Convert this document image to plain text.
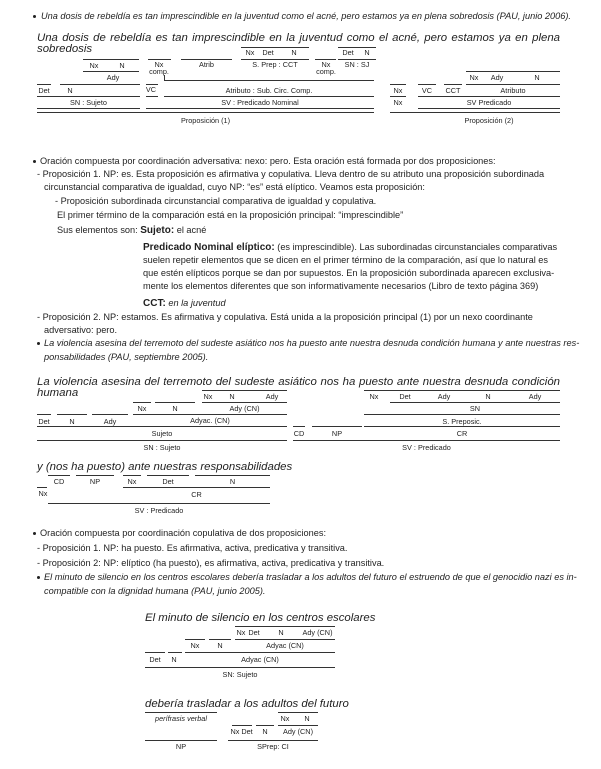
Una dosis de rebeldía es tan imprescindible en la juventud como el acné, pero estamos ya en plena sobredosis (PAU, junio 2006).
Una dosis de rebeldía es tan imprescindible en la juventud como el acné, pero estamos ya en plena sobredosis	Nx	Det	N	Det	N
Nx	N
Ady
Nx
comp.
Atrib	S. Prep : CCT	Nx
comp.
SN : SJ
Det	N
SN : Sujeto
VC	Atributo : Sub. Circ. Comp.
SV : Predicado Nominal
Proposición (1)
Nx	Ady	N
Nx	VC	CCT	Atributo
Nx	SV Predicado
Proposición (2)
Oración compuesta por coordinación adversativa: nexo: pero. Esta oración está formada por dos proposiciones:
- Proposición 1. NP: es. Esta proposición es afirmativa y copulativa. Lleva dentro de su atributo una proposición subordinada
circunstancial comparativa de igualdad, cuyo NP: “es” está elíptico. Veamos esta proposición:
- Proposición subordinada circunstancial comparativa de igualdad y copulativa.
El primer término de la comparación está en la proposición principal: “imprescindible”
Sus elementos son: Sujeto: el acné
Predicado Nominal elíptico: (es imprescindible). Las subordinadas circunstanciales comparativas
suelen repetir elementos que se dicen en el primer término de la comparación, así que lo natural es
que estén elípticos porque se dan por supuestos. En la proposición subordinada aparecen exclusiva-
mente los elementos diferentes que son informativamente necesarios (Libro de texto página 369)
CCT: en la juventud
- Proposición 2. NP: estamos. Es afirmativa y copulativa. Está unida a la proposición principal (1) por un nexo coordinante
adversativo: pero.
La violencia asesina del terremoto del sudeste asiático nos ha puesto ante nuestra desnuda condición humana y ante nuestras res-
ponsabilidades (PAU, septiembre 2005).
La violencia asesina del terremoto del sudeste asiático nos ha puesto ante nuestra desnuda condición humana	Nx	N	Ady
Ady (CN)
Nx	N
Adyac. (CN)
Det	N	Ady
Sujeto
SN : Sujeto
CD	NP
Nx	Det	Ady	N	Ady
SN
S. Preposic.
CR
SV : Predicado
y (nos ha puesto) ante nuestras responsabilidades
CD	NP	Nx	Det	N
Nx	CR
SV : Predicado
Oración compuesta por coordinación copulativa de dos proposiciones:
- Proposición 1. NP: ha puesto. Es afirmativa, activa, predicativa y transitiva.
- Proposición 2: NP: elíptico (ha puesto), es afirmativa, activa, predicativa y transitiva.
El minuto de silencio en los centros escolares debería trasladar a los adultos del futuro el estruendo de que el genocidio nazi es in-
compatible con la dignidad humana (PAU, junio 2005).
El minuto de silencio en los centros escolares
Nx Det	N	Ady (CN)
Nx	N	Adyac (CN)
Det	N	Adyac (CN)
SN: Sujeto
debería trasladar a los adultos del futuro
perífrasis verbal	Nx	N
Nx Det	N	Ady (CN)
NP	SPrep: CI
